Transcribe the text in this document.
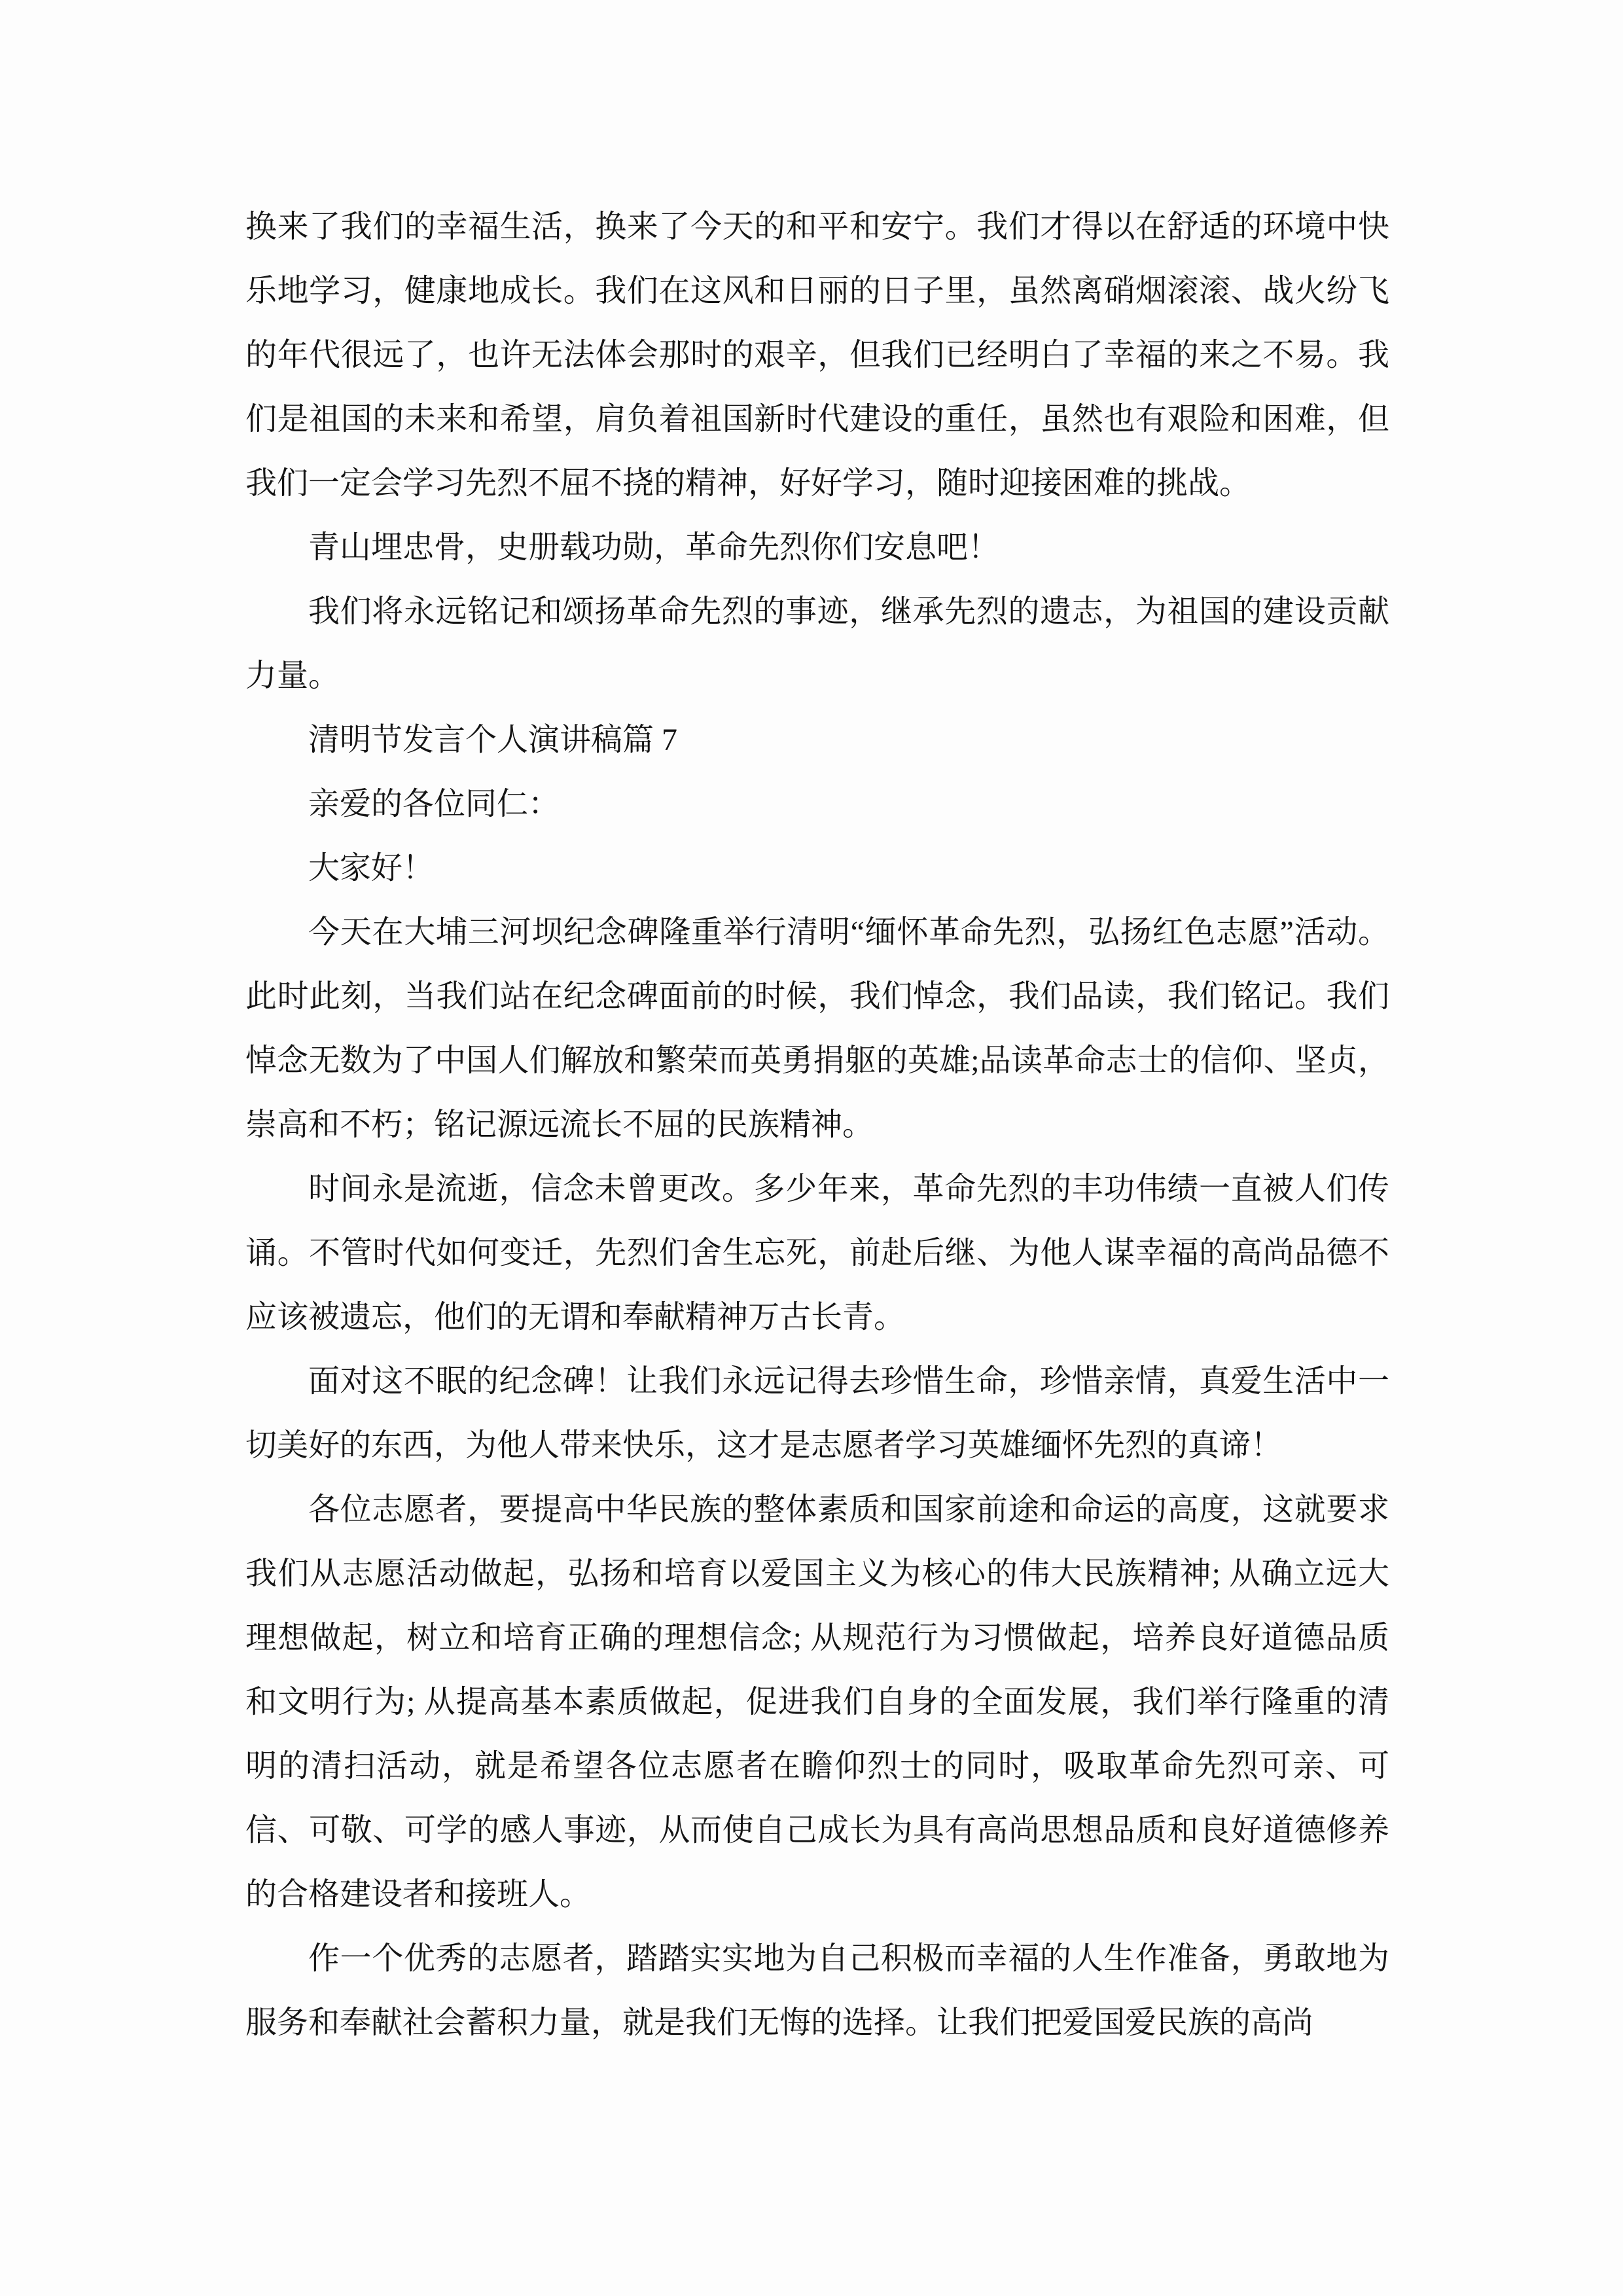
换来了我们的幸福生活，换来了今天的和平和安宁。我们才得以在舒适的环境中快乐地学习，健康地成长。我们在这风和日丽的日子里，虽然离硝烟滚滚、战火纷飞的年代很远了，也许无法体会那时的艰辛，但我们已经明白了幸福的来之不易。我们是祖国的未来和希望，肩负着祖国新时代建设的重任，虽然也有艰险和困难，但我们一定会学习先烈不屈不挠的精神，好好学习，随时迎接困难的挑战。

青山埋忠骨，史册载功勋，革命先烈你们安息吧！

我们将永远铭记和颂扬革命先烈的事迹，继承先烈的遗志，为祖国的建设贡献力量。

清明节发言个人演讲稿篇 7

亲爱的各位同仁：

大家好！

今天在大埔三河坝纪念碑隆重举行清明“缅怀革命先烈，弘扬红色志愿”活动。此时此刻，当我们站在纪念碑面前的时候，我们悼念，我们品读，我们铭记。我们悼念无数为了中国人们解放和繁荣而英勇捐躯的英雄;品读革命志士的信仰、坚贞，崇高和不朽；铭记源远流长不屈的民族精神。

时间永是流逝，信念未曾更改。多少年来，革命先烈的丰功伟绩一直被人们传诵。不管时代如何变迁，先烈们舍生忘死，前赴后继、为他人谋幸福的高尚品德不应该被遗忘，他们的无谓和奉献精神万古长青。

面对这不眠的纪念碑！让我们永远记得去珍惜生命，珍惜亲情，真爱生活中一切美好的东西，为他人带来快乐，这才是志愿者学习英雄缅怀先烈的真谛！

各位志愿者，要提高中华民族的整体素质和国家前途和命运的高度，这就要求我们从志愿活动做起，弘扬和培育以爱国主义为核心的伟大民族精神; 从确立远大理想做起，树立和培育正确的理想信念; 从规范行为习惯做起，培养良好道德品质和文明行为; 从提高基本素质做起，促进我们自身的全面发展，我们举行隆重的清明的清扫活动，就是希望各位志愿者在瞻仰烈士的同时，吸取革命先烈可亲、可信、可敬、可学的感人事迹，从而使自己成长为具有高尚思想品质和良好道德修养的合格建设者和接班人。

作一个优秀的志愿者，踏踏实实地为自己积极而幸福的人生作准备，勇敢地为服务和奉献社会蓄积力量，就是我们无悔的选择。让我们把爱国爱民族的高尚
